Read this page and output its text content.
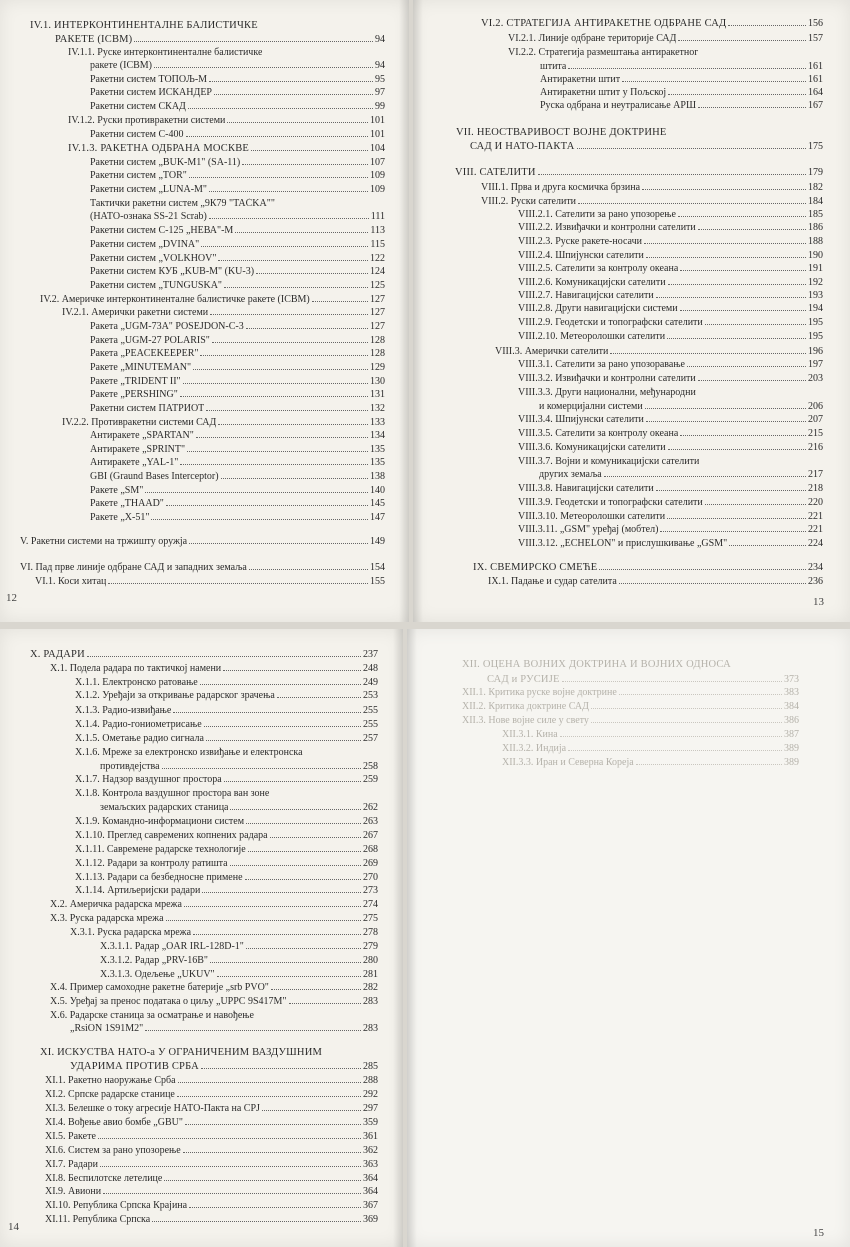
12
IV.1. ИНТЕРКОНТИНЕНТАЛНЕ БАЛИСТИЧКЕ
РАКЕТЕ (ICBM)	94
IV.1.1. Руске интерконтиненталне балистичке
ракете (ICBM)	94
Ракетни систем ТОПОЉ-М	95
Ракетни систем ИСКАНДЕР	97
Ракетни систем СКАД	99
IV.1.2. Руски противракетни системи	101
Ракетни систем С-400	101
IV.1.3. РАКЕТНА ОДБРАНА МОСКВЕ	104
Ракетни систем „BUK-M1" (SA-11)	107
Ракетни систем „TOR"	109
Ракетни систем „LUNA-M"	109
Тактички ракетни систем „9К79 "TAČKA""
(НАТО-ознака SS-21 Scrab)	111
Ракетни систем С-125 „НЕВА"-М	113
Ракетни систем „DVINA"	115
Ракетни систем „VOLKHOV"	122
Ракетни систем КУБ „KUB-M" (KU-3)	124
Ракетни систем „TUNGUSKA"	125
IV.2. Америчке интерконтиненталне балистичке ракете (ICBM)	127
IV.2.1. Амерички ракетни системи	127
Ракета „UGM-73A" POSEJDON-C-3	127
Ракета „UGM-27 POLARIS"	128
Ракета „PEACEKEEPER"	128
Ракете „MINUTEMAN"	129
Ракете „TRIDENT II"	130
Ракете „PERSHING"	131
Ракетни систем ПАТРИОТ	132
IV.2.2. Противракетни системи САД	133
Антиракете „SPARTAN"	134
Антиракете „SPRINT"	135
Антиракете „YAL-1"	135
GBI (Graund Bases Interceptor)	138
Ракете „SM"	140
Ракете „THAAD"	145
Ракете „X-51"	147
V. Ракетни системи на тржишту оружја	149
VI. Пад прве линије одбране САД и западних земаља	154
VI.1. Коси хитац	155
13
VI.2. СТРАТЕГИЈА АНТИРАКЕТНЕ ОДБРАНЕ САД	156
VI.2.1. Линије одбране територије САД	157
VI.2.2. Стратегија размештања антиракетног
штита	161
Антиракетни штит	161
Антиракетни штит у Пољској	164
Руска одбрана и неутралисање АРШ	167
VII. НЕОСТВАРИВОСТ ВОЈНЕ ДОКТРИНЕ
САД И НАТО-ПАКТА	175
VIII. САТЕЛИТИ	179
VIII.1. Прва и друга космичка брзина	182
VIII.2. Руски сателити	184
VIII.2.1. Сателити за рано упозорење	185
VIII.2.2. Извиђачки и контролни сателити	186
VIII.2.3. Руске ракете-носачи	188
VIII.2.4. Шпијунски сателити	190
VIII.2.5. Сателити за контролу океана	191
VIII.2.6. Комуникацијски сателити	192
VIII.2.7. Навигацијски сателити	193
VIII.2.8. Други навигацијски системи	194
VIII.2.9. Геодетски и топографски сателити	195
VIII.2.10. Метеоролошки сателити	195
VIII.3. Амерички сателити	196
VIII.3.1. Сателити за рано упозоравање	197
VIII.3.2. Извиђачки и контролни сателити	203
VIII.3.3. Други национални, међународни
и комерцијални системи	206
VIII.3.4. Шпијунски сателити	207
VIII.3.5. Сателити за контролу океана	215
VIII.3.6. Комуникацијски сателити	216
VIII.3.7. Војни и комуникацијски сателити
других земаља	217
VIII.3.8. Навигацијски сателити	218
VIII.3.9. Геодетски и топографски сателити	220
VIII.3.10. Метеоролошки сателити	221
VIII.3.11. „GSM" уређај (мобтел)	221
VIII.3.12. „ECHELON" и прислушкивање „GSM"	224
IX. СВЕМИРСКО СМЕЋЕ	234
IX.1. Падање и судар сателита	236
14
X. РАДАРИ	237
X.1. Подела радара по тактичкој намени	248
X.1.1. Електронско ратовање	249
X.1.2. Уређаји за откривање радарског зрачења	253
X.1.3. Радио-извиђање	255
X.1.4. Радио-гониометрисање	255
X.1.5. Ометање радио сигнала	257
X.1.6. Мреже за електронско извиђање и електронска
противдејства	258
X.1.7. Надзор ваздушног простора	259
X.1.8. Контрола ваздушног простора ван зоне
земаљских радарских станица	262
X.1.9. Командно-информациони систем	263
X.1.10. Преглед савремених копнених радара	267
X.1.11. Савремене радарске технологије	268
X.1.12. Радари за контролу ратишта	269
X.1.13. Радари са безбедносне примене	270
X.1.14. Артиљеријски радари	273
X.2. Америчка радарска мрежа	274
X.3. Руска радарска мрежа	275
X.3.1. Руска радарска мрежа	278
X.3.1.1. Радар „OAR IRL-128D-1"	279
X.3.1.2. Радар „PRV-16B"	280
X.3.1.3. Одељење „UKUV"	281
X.4. Пример самоходне ракетне батерије „srb PVO"	282
X.5. Уређај за пренос података о циљу „UPPC 9S417M"	283
X.6. Радарске станица за осматрање и навођење
„RsiON 1S91M2"	283
XI. ИСКУСТВА НАТО-а У ОГРАНИЧЕНИМ ВАЗДУШНИМ
УДАРИМА ПРОТИВ СРБА	285
XI.1. Ракетно наоружање Срба	288
XI.2. Српске радарске станице	292
XI.3. Белешке о току агресије НАТО-Пакта на СРЈ	297
XI.4. Вођење авио бомбе „GBU"	359
XI.5. Ракете	361
XI.6. Систем за рано упозорење	362
XI.7. Радари	363
XI.8. Беспилотске летелице	364
XI.9. Авиони	364
XI.10. Република Српска Крајина	367
XI.11. Република Српска	369
15
XII. ОЦЕНА ВОЈНИХ ДОКТРИНА И ВОЈНИХ ОДНОСА
САД и РУСИЈЕ	373
XII.1. Критика руске војне доктрине	383
XII.2. Критика доктрине САД	384
XII.3. Нове војне силе у свету	386
XII.3.1. Кина	387
XII.3.2. Индија	389
XII.3.3. Иран и Северна Кореја	389
